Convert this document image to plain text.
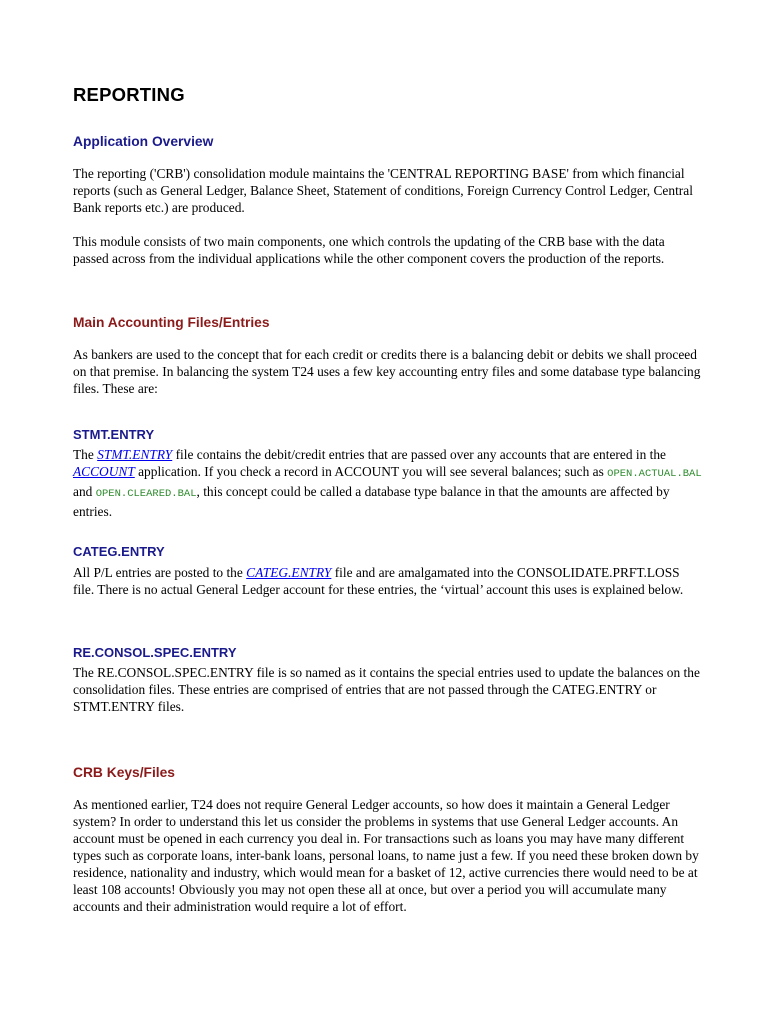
REPORTING
Application Overview

The reporting ('CRB') consolidation module maintains the 'CENTRAL REPORTING BASE' from which financial reports (such as General Ledger, Balance Sheet, Statement of conditions, Foreign Currency Control Ledger, Central Bank reports etc.) are produced.

This module consists of two main components, one which controls the updating of the CRB base with the data passed across from the individual applications while the other component covers the production of the reports.

Main Accounting Files/Entries

As bankers are used to the concept that for each credit or credits there is a balancing debit or debits we shall proceed on that premise. In balancing the system T24 uses a few key accounting entry files and some database type balancing files. These are:

STMT.ENTRY

The STMT.ENTRY file contains the debit/credit entries that are passed over any accounts that are entered in the ACCOUNT application. If you check a record in ACCOUNT you will see several balances; such as OPEN.ACTUAL.BAL and OPEN.CLEARED.BAL, this concept could be called a database type balance in that the amounts are affected by entries.

CATEG.ENTRY

All P/L entries are posted to the CATEG.ENTRY file and are amalgamated into the CONSOLIDATE.PRFT.LOSS file. There is no actual General Ledger account for these entries, the ‘virtual’ account this uses is explained below.

RE.CONSOL.SPEC.ENTRY

The RE.CONSOL.SPEC.ENTRY file is so named as it contains the special entries used to update the balances on the consolidation files. These entries are comprised of entries that are not passed through the CATEG.ENTRY or STMT.ENTRY files.

CRB Keys/Files

As mentioned earlier, T24 does not require General Ledger accounts, so how does it maintain a General Ledger system? In order to understand this let us consider the problems in systems that use General Ledger accounts. An account must be opened in each currency you deal in. For transactions such as loans you may have many different types such as corporate loans, inter-bank loans, personal loans, to name just a few. If you need these broken down by residence, nationality and industry, which would mean for a basket of 12, active currencies there would need to be at least 108 accounts! Obviously you may not open these all at once, but over a period you will accumulate many accounts and their administration would require a lot of effort.
